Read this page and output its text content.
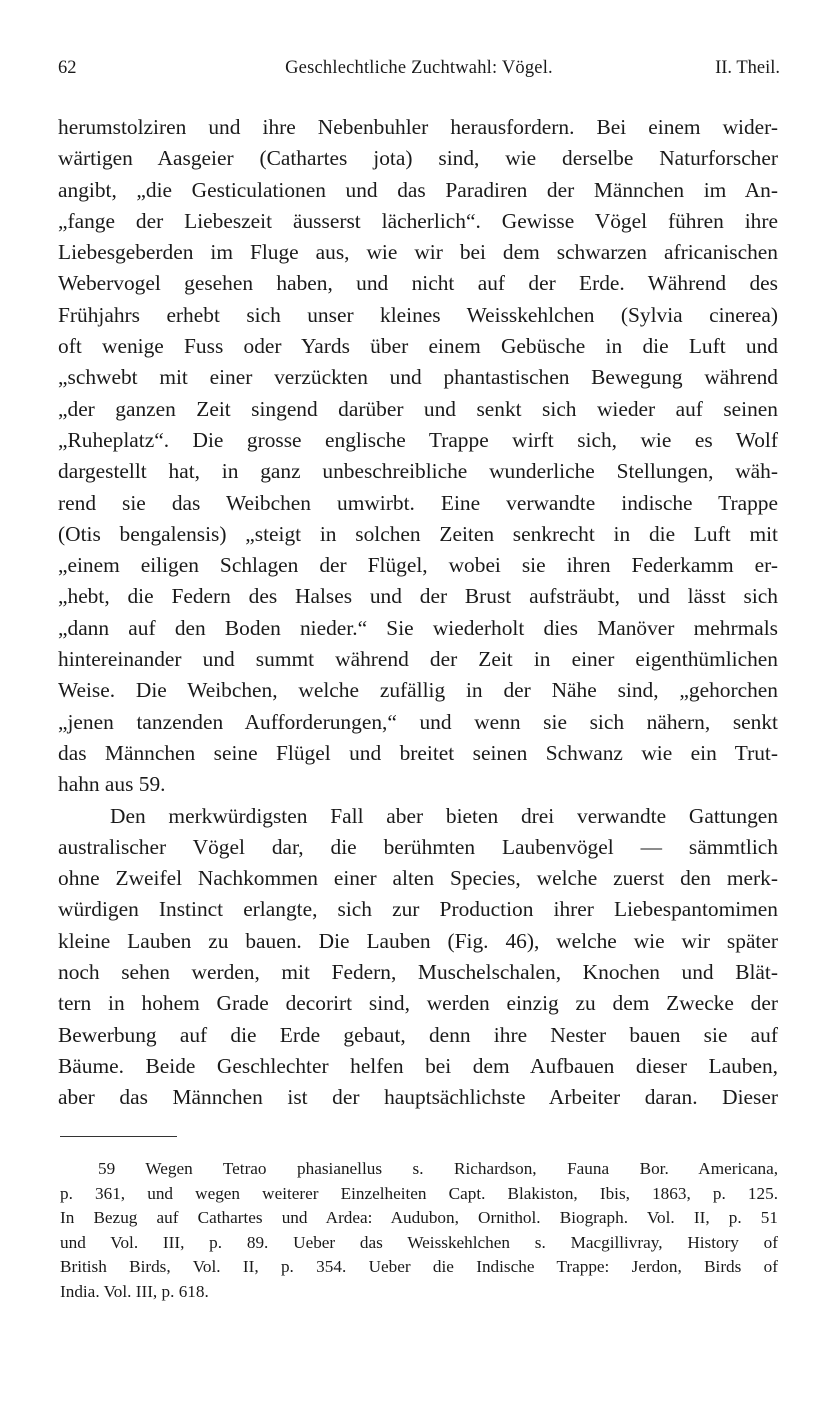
62	Geschlechtliche Zuchtwahl: Vögel.	II. Theil.
herumstolziren und ihre Nebenbuhler herausfordern. Bei einem wider-
wärtigen Aasgeier (Cathartes jota) sind, wie derselbe Naturforscher
angibt, „die Gesticulationen und das Paradiren der Männchen im An-
„fange der Liebeszeit äusserst lächerlich“. Gewisse Vögel führen ihre
Liebesgeberden im Fluge aus, wie wir bei dem schwarzen africanischen
Webervogel gesehen haben, und nicht auf der Erde. Während des
Frühjahrs erhebt sich unser kleines Weisskehlchen (Sylvia cinerea)
oft wenige Fuss oder Yards über einem Gebüsche in die Luft und
„schwebt mit einer verzückten und phantastischen Bewegung während
„der ganzen Zeit singend darüber und senkt sich wieder auf seinen
„Ruheplatz“. Die grosse englische Trappe wirft sich, wie es Wolf
dargestellt hat, in ganz unbeschreibliche wunderliche Stellungen, wäh-
rend sie das Weibchen umwirbt. Eine verwandte indische Trappe
(Otis bengalensis) „steigt in solchen Zeiten senkrecht in die Luft mit
„einem eiligen Schlagen der Flügel, wobei sie ihren Federkamm er-
„hebt, die Federn des Halses und der Brust aufsträubt, und lässt sich
„dann auf den Boden nieder.“ Sie wiederholt dies Manöver mehrmals
hintereinander und summt während der Zeit in einer eigenthümlichen
Weise. Die Weibchen, welche zufällig in der Nähe sind, „gehorchen
„jenen tanzenden Aufforderungen,“ und wenn sie sich nähern, senkt
das Männchen seine Flügel und breitet seinen Schwanz wie ein Trut-
hahn aus 59.
Den merkwürdigsten Fall aber bieten drei verwandte Gattungen
australischer Vögel dar, die berühmten Laubenvögel — sämmtlich
ohne Zweifel Nachkommen einer alten Species, welche zuerst den merk-
würdigen Instinct erlangte, sich zur Production ihrer Liebespantomimen
kleine Lauben zu bauen. Die Lauben (Fig. 46), welche wie wir später
noch sehen werden, mit Federn, Muschelschalen, Knochen und Blät-
tern in hohem Grade decorirt sind, werden einzig zu dem Zwecke der
Bewerbung auf die Erde gebaut, denn ihre Nester bauen sie auf
Bäume. Beide Geschlechter helfen bei dem Aufbauen dieser Lauben,
aber das Männchen ist der hauptsächlichste Arbeiter daran. Dieser
59 Wegen Tetrao phasianellus s. Richardson, Fauna Bor. Americana,
p. 361, und wegen weiterer Einzelheiten Capt. Blakiston, Ibis, 1863, p. 125.
In Bezug auf Cathartes und Ardea: Audubon, Ornithol. Biograph. Vol. II, p. 51
und Vol. III, p. 89. Ueber das Weisskehlchen s. Macgillivray, History of
British Birds, Vol. II, p. 354. Ueber die Indische Trappe: Jerdon, Birds of
India. Vol. III, p. 618.
